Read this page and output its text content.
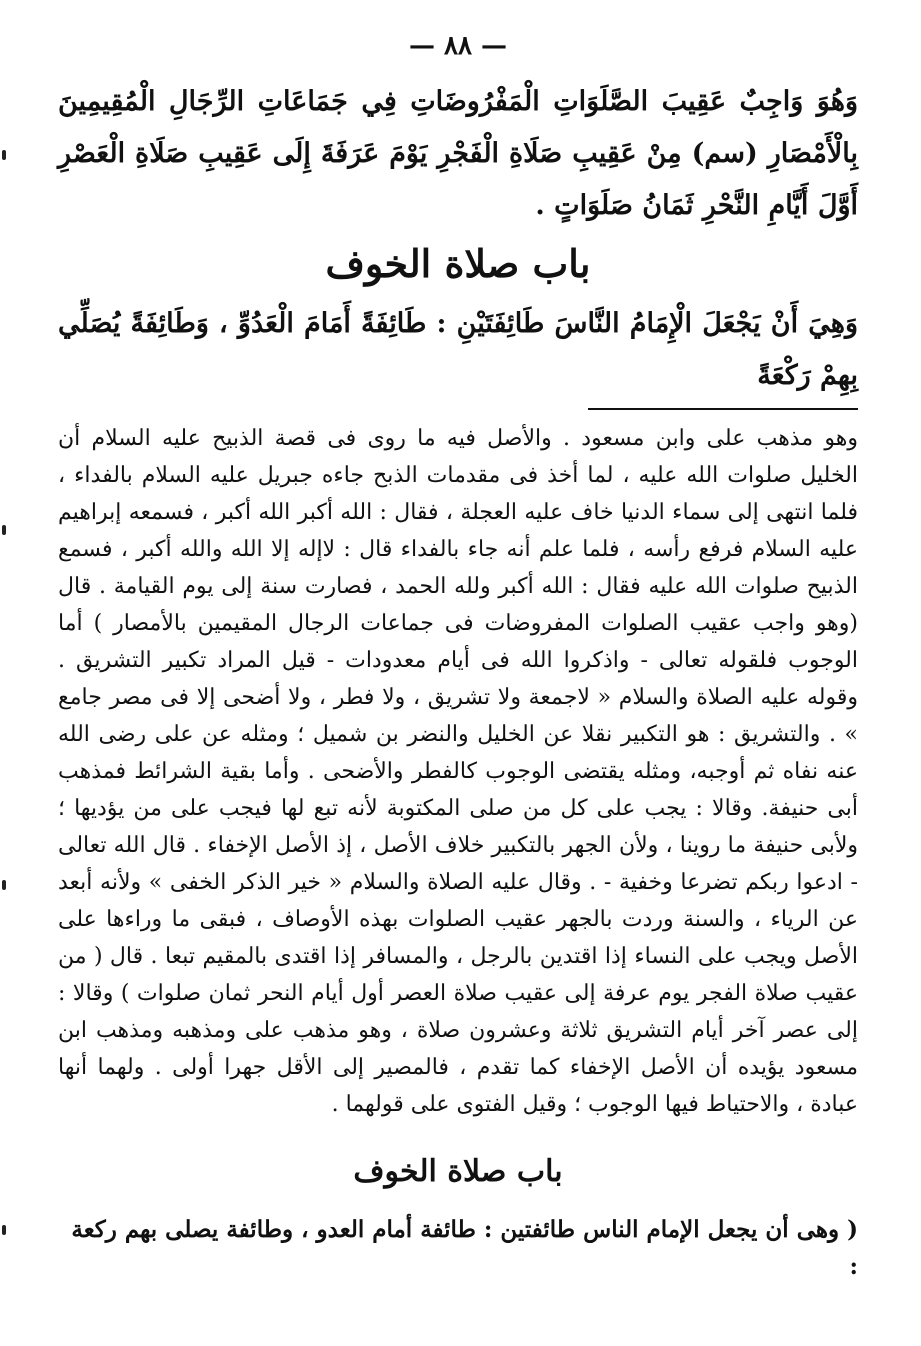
— ٨٨ —

وَهُوَ وَاجِبٌ عَقِيبَ الصَّلَوَاتِ الْمَفْرُوضَاتِ فِي جَمَاعَاتِ الرِّجَالِ الْمُقِيمِينَ بِالْأَمْصَارِ (سم) مِنْ عَقِيبِ صَلَاةِ الْفَجْرِ يَوْمَ عَرَفَةَ إِلَى عَقِيبِ صَلَاةِ الْعَصْرِ أَوَّلَ أَيَّامِ النَّحْرِ ثَمَانُ صَلَوَاتٍ .

باب صلاة الخوف

وَهِيَ أَنْ يَجْعَلَ الْإِمَامُ النَّاسَ طَائِفَتَيْنِ : طَائِفَةً أَمَامَ الْعَدُوِّ ، وَطَائِفَةً يُصَلِّي بِهِمْ رَكْعَةً

وهو مذهب على وابن مسعود . والأصل فيه ما روى فى قصة الذبيح عليه السلام أن الخليل صلوات الله عليه ، لما أخذ فى مقدمات الذبح جاءه جبريل عليه السلام بالفداء ، فلما انتهى إلى سماء الدنيا خاف عليه العجلة ، فقال : الله أكبر الله أكبر ، فسمعه إبراهيم عليه السلام فرفع رأسه ، فلما علم أنه جاء بالفداء قال : لاإله إلا الله والله أكبر ، فسمع الذبيح صلوات الله عليه فقال : الله أكبر ولله الحمد ، فصارت سنة إلى يوم القيامة . قال (وهو واجب عقيب الصلوات المفروضات فى جماعات الرجال المقيمين بالأمصار ) أما الوجوب فلقوله تعالى - واذكروا الله فى أيام معدودات - قيل المراد تكبير التشريق . وقوله عليه الصلاة والسلام « لاجمعة ولا تشريق ، ولا فطر ، ولا أضحى إلا فى مصر جامع » . والتشريق : هو التكبير نقلا عن الخليل والنضر بن شميل ؛ ومثله عن على رضى الله عنه نفاه ثم أوجبه، ومثله يقتضى الوجوب كالفطر والأضحى . وأما بقية الشرائط فمذهب أبى حنيفة. وقالا : يجب على كل من صلى المكتوبة لأنه تبع لها فيجب على من يؤديها ؛ ولأبى حنيفة ما روينا ، ولأن الجهر بالتكبير خلاف الأصل ، إذ الأصل الإخفاء . قال الله تعالى - ادعوا ربكم تضرعا وخفية - . وقال عليه الصلاة والسلام « خير الذكر الخفى » ولأنه أبعد عن الرياء ، والسنة وردت بالجهر عقيب الصلوات بهذه الأوصاف ، فبقى ما وراءها على الأصل ويجب على النساء إذا اقتدين بالرجل ، والمسافر إذا اقتدى بالمقيم تبعا . قال ( من عقيب صلاة الفجر يوم عرفة إلى عقيب صلاة العصر أول أيام النحر ثمان صلوات ) وقالا : إلى عصر آخر أيام التشريق ثلاثة وعشرون صلاة ، وهو مذهب على ومذهبه ومذهب ابن مسعود يؤيده أن الأصل الإخفاء كما تقدم ، فالمصير إلى الأقل جهرا أولى . ولهما أنها عبادة ، والاحتياط فيها الوجوب ؛ وقيل الفتوى على قولهما .

باب صلاة الخوف

( وهى أن يجعل الإمام الناس طائفتين : طائفة أمام العدو ، وطائفة يصلى بهم ركعة :
